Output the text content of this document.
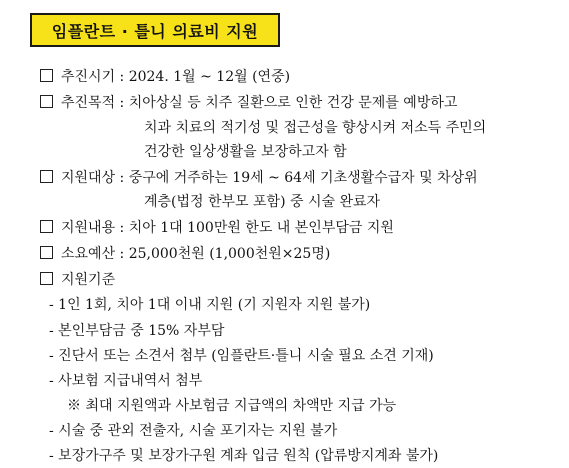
임플란트 · 틀니 의료비 지원
추진시기 : 2024. 1월 ~ 12월 (연중)
추진목적 : 치아상실 등 치주 질환으로 인한 건강 문제를 예방하고
치과 치료의 적기성 및 접근성을 향상시켜 저소득 주민의
건강한 일상생활을 보장하고자 함
지원대상 : 중구에 거주하는 19세 ~ 64세 기초생활수급자 및 차상위
계층(법정 한부모 포함) 중 시술 완료자
지원내용 : 치아 1대 100만원 한도 내 본인부담금 지원
소요예산 : 25,000천원 (1,000천원×25명)
지원기준
- 1인 1회, 치아 1대 이내 지원 (기 지원자 지원 불가)
- 본인부담금 중 15% 자부담
- 진단서 또는 소견서 첨부 (임플란트·틀니 시술 필요 소견 기재)
- 사보험 지급내역서 첨부
※ 최대 지원액과 사보험금 지급액의 차액만 지급 가능
- 시술 중 관외 전출자, 시술 포기자는 지원 불가
- 보장가구주 및 보장가구원 계좌 입금 원칙 (압류방지계좌 불가)
